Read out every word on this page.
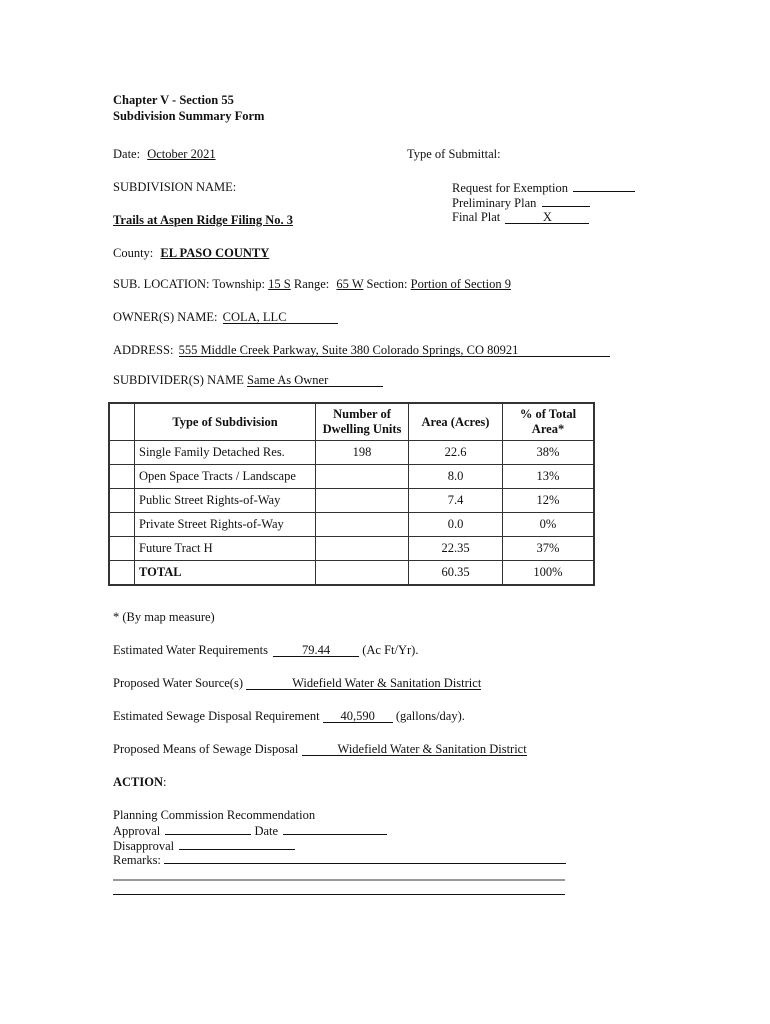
Chapter V - Section 55
Subdivision Summary Form
Date: October 2021	Type of Submittal:
Request for Exemption
Preliminary Plan
Final Plat	X
SUBDIVISION NAME:
Trails at Aspen Ridge Filing No. 3
County: EL PASO COUNTY
SUB. LOCATION: Township: 15 S Range: 65 W Section: Portion of Section 9
OWNER(S) NAME: COLA, LLC
ADDRESS: 555 Middle Creek Parkway, Suite 380 Colorado Springs, CO 80921
SUBDIVIDER(S) NAME Same As Owner
	Type of Subdivision	Number of Dwelling Units	Area (Acres)	% of Total Area*
	Single Family Detached Res.	198	22.6	38%
	Open Space Tracts / Landscape		8.0	13%
	Public Street Rights-of-Way		7.4	12%
	Private Street Rights-of-Way		0.0	0%
	Future Tract H		22.35	37%
	TOTAL		60.35	100%
* (By map measure)
Estimated Water Requirements	79.44	(Ac Ft/Yr).
Proposed Water Source(s)	Widefield Water & Sanitation District
Estimated Sewage Disposal Requirement 40,590 (gallons/day).
Proposed Means of Sewage Disposal	Widefield Water & Sanitation District
ACTION:
Planning Commission Recommendation
Approval	Date
Disapproval
Remarks:
